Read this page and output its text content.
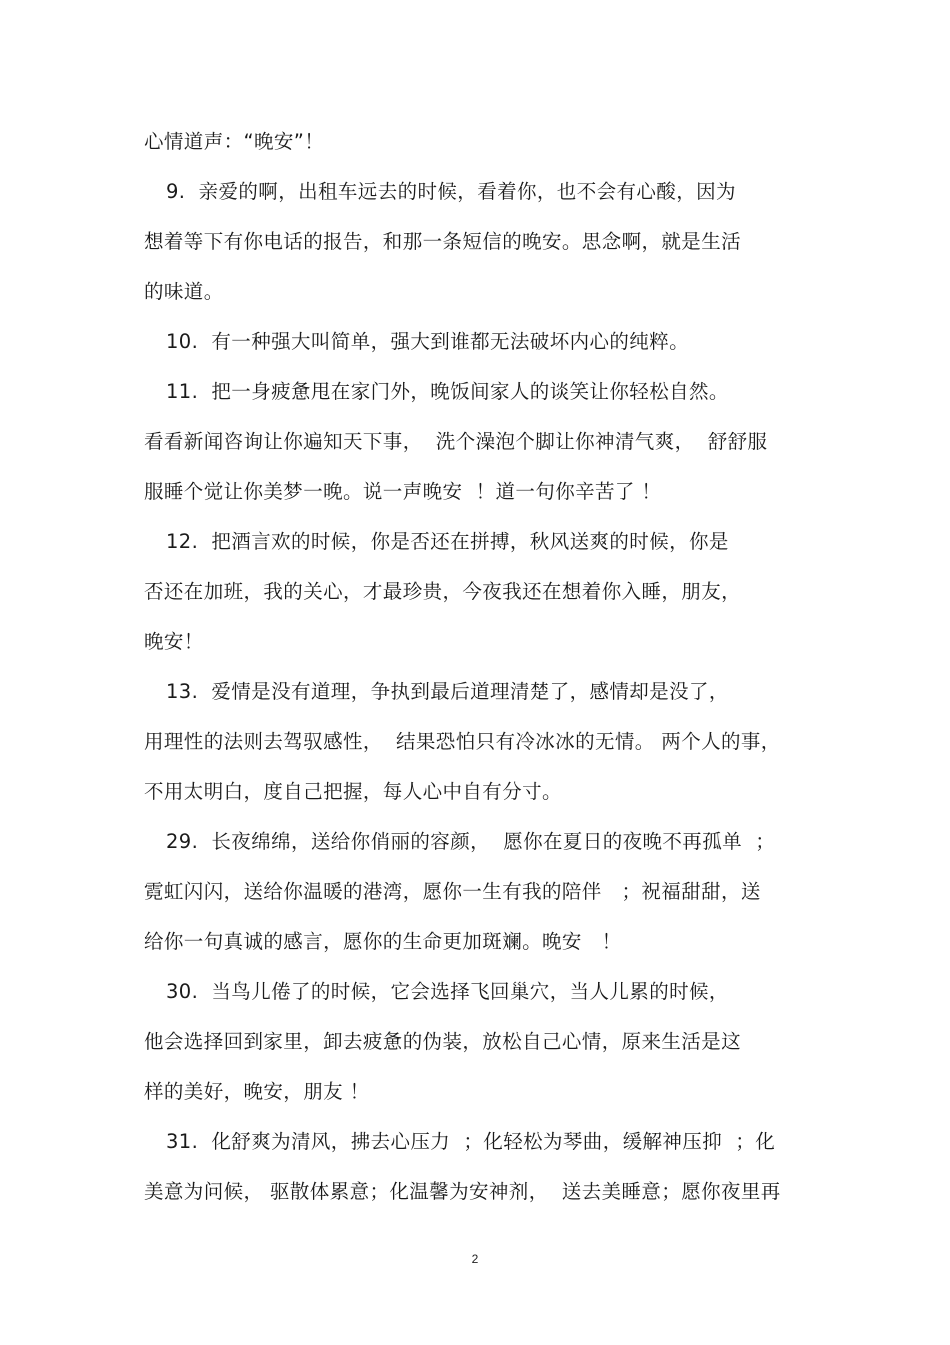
心情道声：“晚安”！
9.  亲爱的啊，出租车远去的时候，看着你，也不会有心酸，因为
想着等下有你电话的报告，和那一条短信的晚安。思念啊，就是生活
的味道。
10.  有一种强大叫简单，强大到谁都无法破坏内心的纯粹。
11.  把一身疲惫甩在家门外，晚饭间家人的谈笑让你轻松自然。
看看新闻咨询让你遍知天下事，  洗个澡泡个脚让你神清气爽，  舒舒服
服睡个觉让你美梦一晚。说一声晚安  ！道一句你辛苦了 ！
12.  把酒言欢的时候，你是否还在拼搏，秋风送爽的时候，你是
否还在加班，我的关心，才最珍贵，今夜我还在想着你入睡，朋友，
晚安！
13.  爱情是没有道理，争执到最后道理清楚了，感情却是没了，
用理性的法则去驾驭感性，  结果恐怕只有冷冰冰的无情。 两个人的事，
不用太明白，度自己把握，每人心中自有分寸。
29.  长夜绵绵，送给你俏丽的容颜，  愿你在夏日的夜晚不再孤单  ；
霓虹闪闪，送给你温暖的港湾，愿你一生有我的陪伴   ；祝福甜甜，送
给你一句真诚的感言，愿你的生命更加斑斓。晚安   ！
30.  当鸟儿倦了的时候，它会选择飞回巢穴，当人儿累的时候，
他会选择回到家里，卸去疲惫的伪装，放松自己心情，原来生活是这
样的美好，晚安，朋友 ！
31.  化舒爽为清风，拂去心压力  ；化轻松为琴曲，缓解神压抑  ；化
美意为问候， 驱散体累意；化温馨为安神剂，  送去美睡意；愿你夜里再
2
